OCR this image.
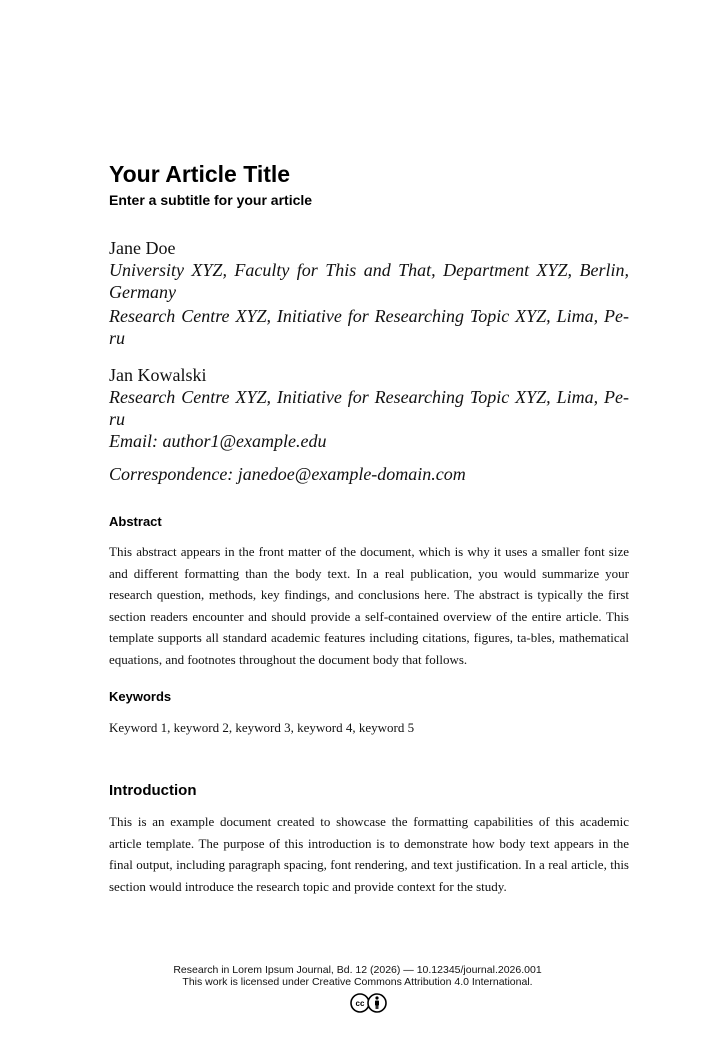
Your Article Title
Enter a subtitle for your article
Jane Doe
University XYZ, Faculty for This and That, Department XYZ, Berlin, Germany
Research Centre XYZ, Initiative for Researching Topic XYZ, Lima, Pe-ru
Jan Kowalski
Research Centre XYZ, Initiative for Researching Topic XYZ, Lima, Pe-ru
Email: author1@example.edu
Correspondence: janedoe@example-domain.com
Abstract
This abstract appears in the front matter of the document, which is why it uses a smaller font size and different formatting than the body text. In a real publication, you would summarize your research question, methods, key findings, and conclusions here. The abstract is typically the first section readers encounter and should provide a self-contained overview of the entire article. This template supports all standard academic features including citations, figures, ta-bles, mathematical equations, and footnotes throughout the document body that follows.
Keywords
Keyword 1, keyword 2, keyword 3, keyword 4, keyword 5
Introduction
This is an example document created to showcase the formatting capabilities of this academic article template. The purpose of this introduction is to demonstrate how body text appears in the final output, including paragraph spacing, font rendering, and text justification. In a real article, this section would introduce the research topic and provide context for the study.
Research in Lorem Ipsum Journal, Bd. 12 (2026) — 10.12345/journal.2026.001
This work is licensed under Creative Commons Attribution 4.0 International.
cc
